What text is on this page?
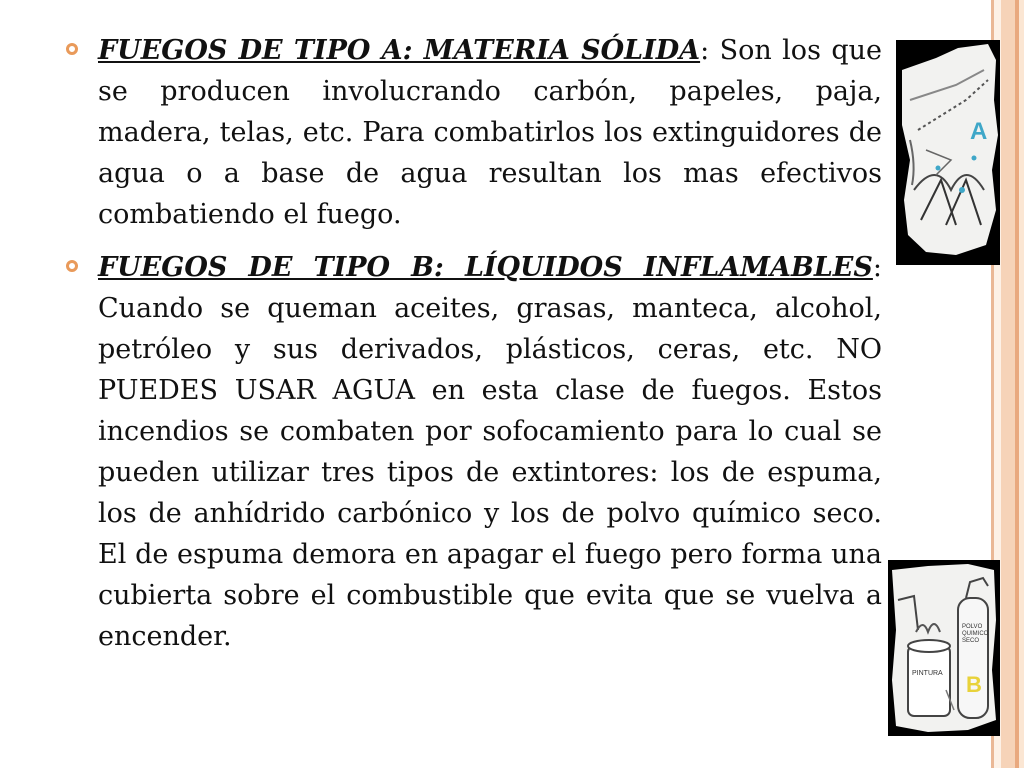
FUEGOS DE TIPO A: MATERIA SÓLIDA: Son los que se producen involucrando carbón, papeles, paja, madera, telas, etc. Para combatirlos los extinguidores de agua o a base de agua resultan los mas efectivos combatiendo el fuego.

FUEGOS DE TIPO B: LÍQUIDOS INFLAMABLES: Cuando se queman aceites, grasas, manteca, alcohol, petróleo y sus derivados, plásticos, ceras, etc. NO PUEDES USAR AGUA en esta clase de fuegos. Estos incendios se combaten por sofocamiento para lo cual se pueden utilizar tres tipos de extintores: los de espuma, los de anhídrido carbónico y los de polvo químico seco. El de espuma demora en apagar el fuego pero forma una cubierta sobre el combustible que evita que se vuelva a encender.

A
PINTURA
POLVO QUIMICO SECO
B
